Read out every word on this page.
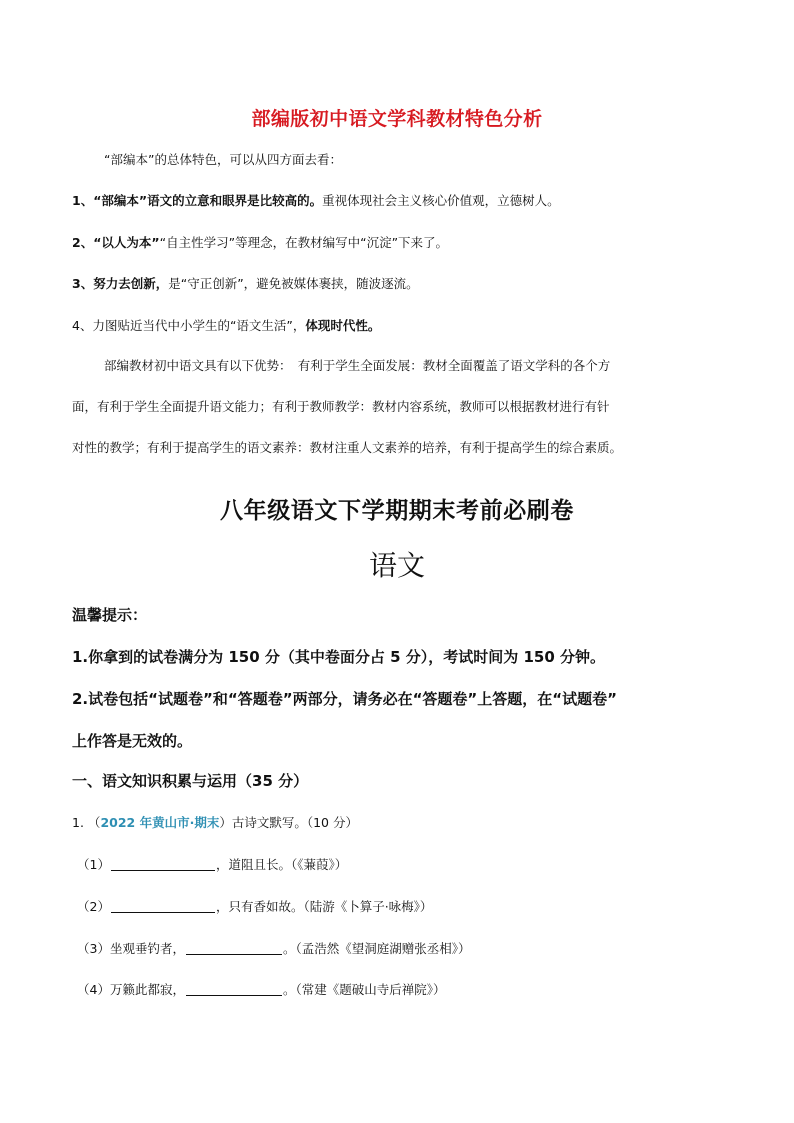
部编版初中语文学科教材特色分析
“部编本”的总体特色，可以从四方面去看：
1、“部编本”语文的立意和眼界是比较高的。重视体现社会主义核心价值观，立德树人。
2、“以人为本”“自主性学习”等理念，在教材编写中“沉淀”下来了。
3、努力去创新，是“守正创新”，避免被媒体裹挟，随波逐流。
4、力图贴近当代中小学生的“语文生活”，体现时代性。
部编教材初中语文具有以下优势：　有利于学生全面发展：教材全面覆盖了语文学科的各个方
面，有利于学生全面提升语文能力；有利于教师教学：教材内容系统，教师可以根据教材进行有针
对性的教学；有利于提高学生的语文素养：教材注重人文素养的培养，有利于提高学生的综合素质。
八年级语文下学期期末考前必刷卷
语文
温馨提示：
1.你拿到的试卷满分为 150 分（其中卷面分占 5 分），考试时间为 150 分钟。
2.试卷包括“试题卷”和“答题卷”两部分，请务必在“答题卷”上答题，在“试题卷”
上作答是无效的。
一、语文知识积累与运用（35 分）
1. （2022 年黄山市·期末）古诗文默写。（10 分）
（1）	，道阻且长。（《蒹葭》）
（2）	，只有香如故。（陆游《卜算子·咏梅》）
（3）坐观垂钓者，	。（孟浩然《望洞庭湖赠张丞相》）
（4）万籁此都寂，	。（常建《题破山寺后禅院》）
